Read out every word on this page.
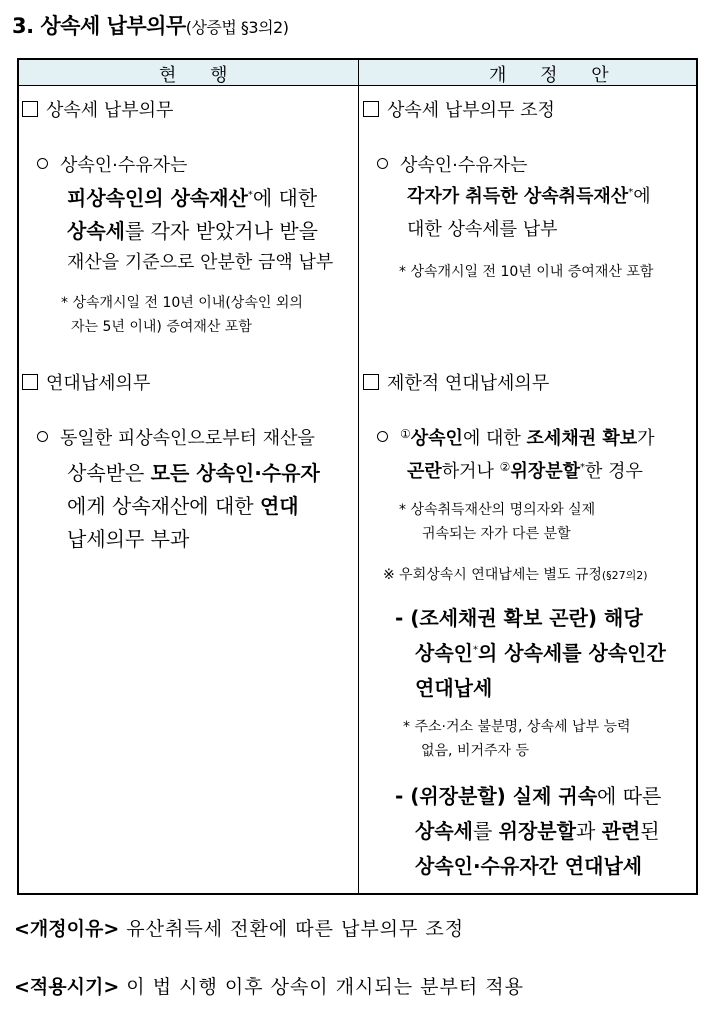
3. 상속세 납부의무(상증법 §3의2)
현 행	개 정 안
상속세 납부의무
상속인·수유자는
피상속인의 상속재산*에 대한
상속세를 각자 받았거나 받을
재산을 기준으로 안분한 금액 납부
* 상속개시일 전 10년 이내(상속인 외의
자는 5년 이내) 증여재산 포함
연대납세의무
동일한 피상속인으로부터 재산을
상속받은 모든 상속인·수유자
에게 상속재산에 대한 연대
납세의무 부과
상속세 납부의무 조정
상속인·수유자는
각자가 취득한 상속취득재산*에
대한 상속세를 납부
* 상속개시일 전 10년 이내 증여재산 포함
제한적 연대납세의무
①상속인에 대한 조세채권 확보가
곤란하거나 ②위장분할*한 경우
* 상속취득재산의 명의자와 실제
귀속되는 자가 다른 분할
※ 우회상속시 연대납세는 별도 규정(§27의2)
- (조세채권 확보 곤란) 해당
상속인*의 상속세를 상속인간
연대납세
* 주소·거소 불분명, 상속세 납부 능력
없음, 비거주자 등
- (위장분할) 실제 귀속에 따른
상속세를 위장분할과 관련된
상속인·수유자간 연대납세
<개정이유> 유산취득세 전환에 따른 납부의무 조정
<적용시기> 이 법 시행 이후 상속이 개시되는 분부터 적용
